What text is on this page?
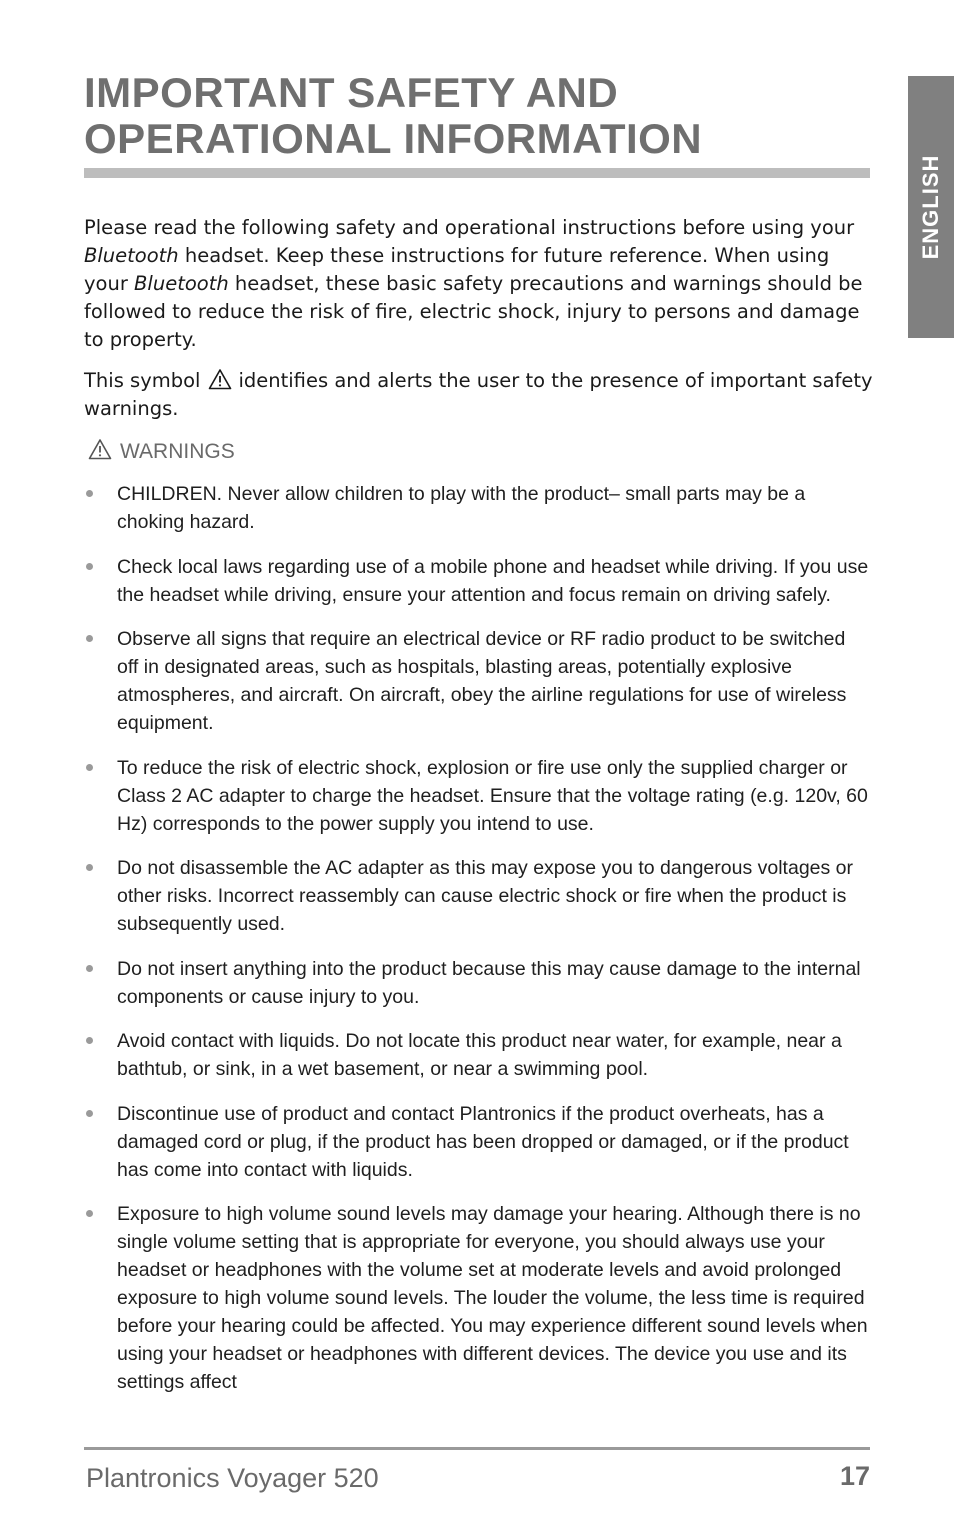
IMPORTANT SAFETY AND
OPERATIONAL INFORMATION
ENGLISH

Please read the following safety and operational instructions before using your Bluetooth headset. Keep these instructions for future reference. When using your Bluetooth headset, these basic safety precautions and warnings should be followed to reduce the risk of fire, electric shock, injury to persons and damage to property.

This symbol identifies and alerts the user to the presence of important safety warnings.

WARNINGS
CHILDREN. Never allow children to play with the product– small parts may be a choking hazard.
Check local laws regarding use of a mobile phone and headset while driving. If you use the headset while driving, ensure your attention and focus remain on driving safely.
Observe all signs that require an electrical device or RF radio product to be switched off in designated areas, such as hospitals, blasting areas, potentially explosive atmospheres, and aircraft. On aircraft, obey the airline regulations for use of wireless equipment.
To reduce the risk of electric shock, explosion or fire use only the supplied charger or Class 2 AC adapter to charge the headset. Ensure that the voltage rating (e.g. 120v, 60 Hz) corresponds to the power supply you intend to use.
Do not disassemble the AC adapter as this may expose you to dangerous voltages or other risks. Incorrect reassembly can cause electric shock or fire when the product is subsequently used.
Do not insert anything into the product because this may cause damage to the internal components or cause injury to you.
Avoid contact with liquids. Do not locate this product near water, for example, near a bathtub, or sink, in a wet basement, or near a swimming pool.
Discontinue use of product and contact Plantronics if the product overheats, has a damaged cord or plug, if the product has been dropped or damaged, or if the product has come into contact with liquids.
Exposure to high volume sound levels may damage your hearing. Although there is no single volume setting that is appropriate for everyone, you should always use your headset or headphones with the volume set at moderate levels and avoid prolonged exposure to high volume sound levels. The louder the volume, the less time is required before your hearing could be affected. You may experience different sound levels when using your headset or headphones with different devices. The device you use and its settings affect
Plantronics Voyager 520	17
